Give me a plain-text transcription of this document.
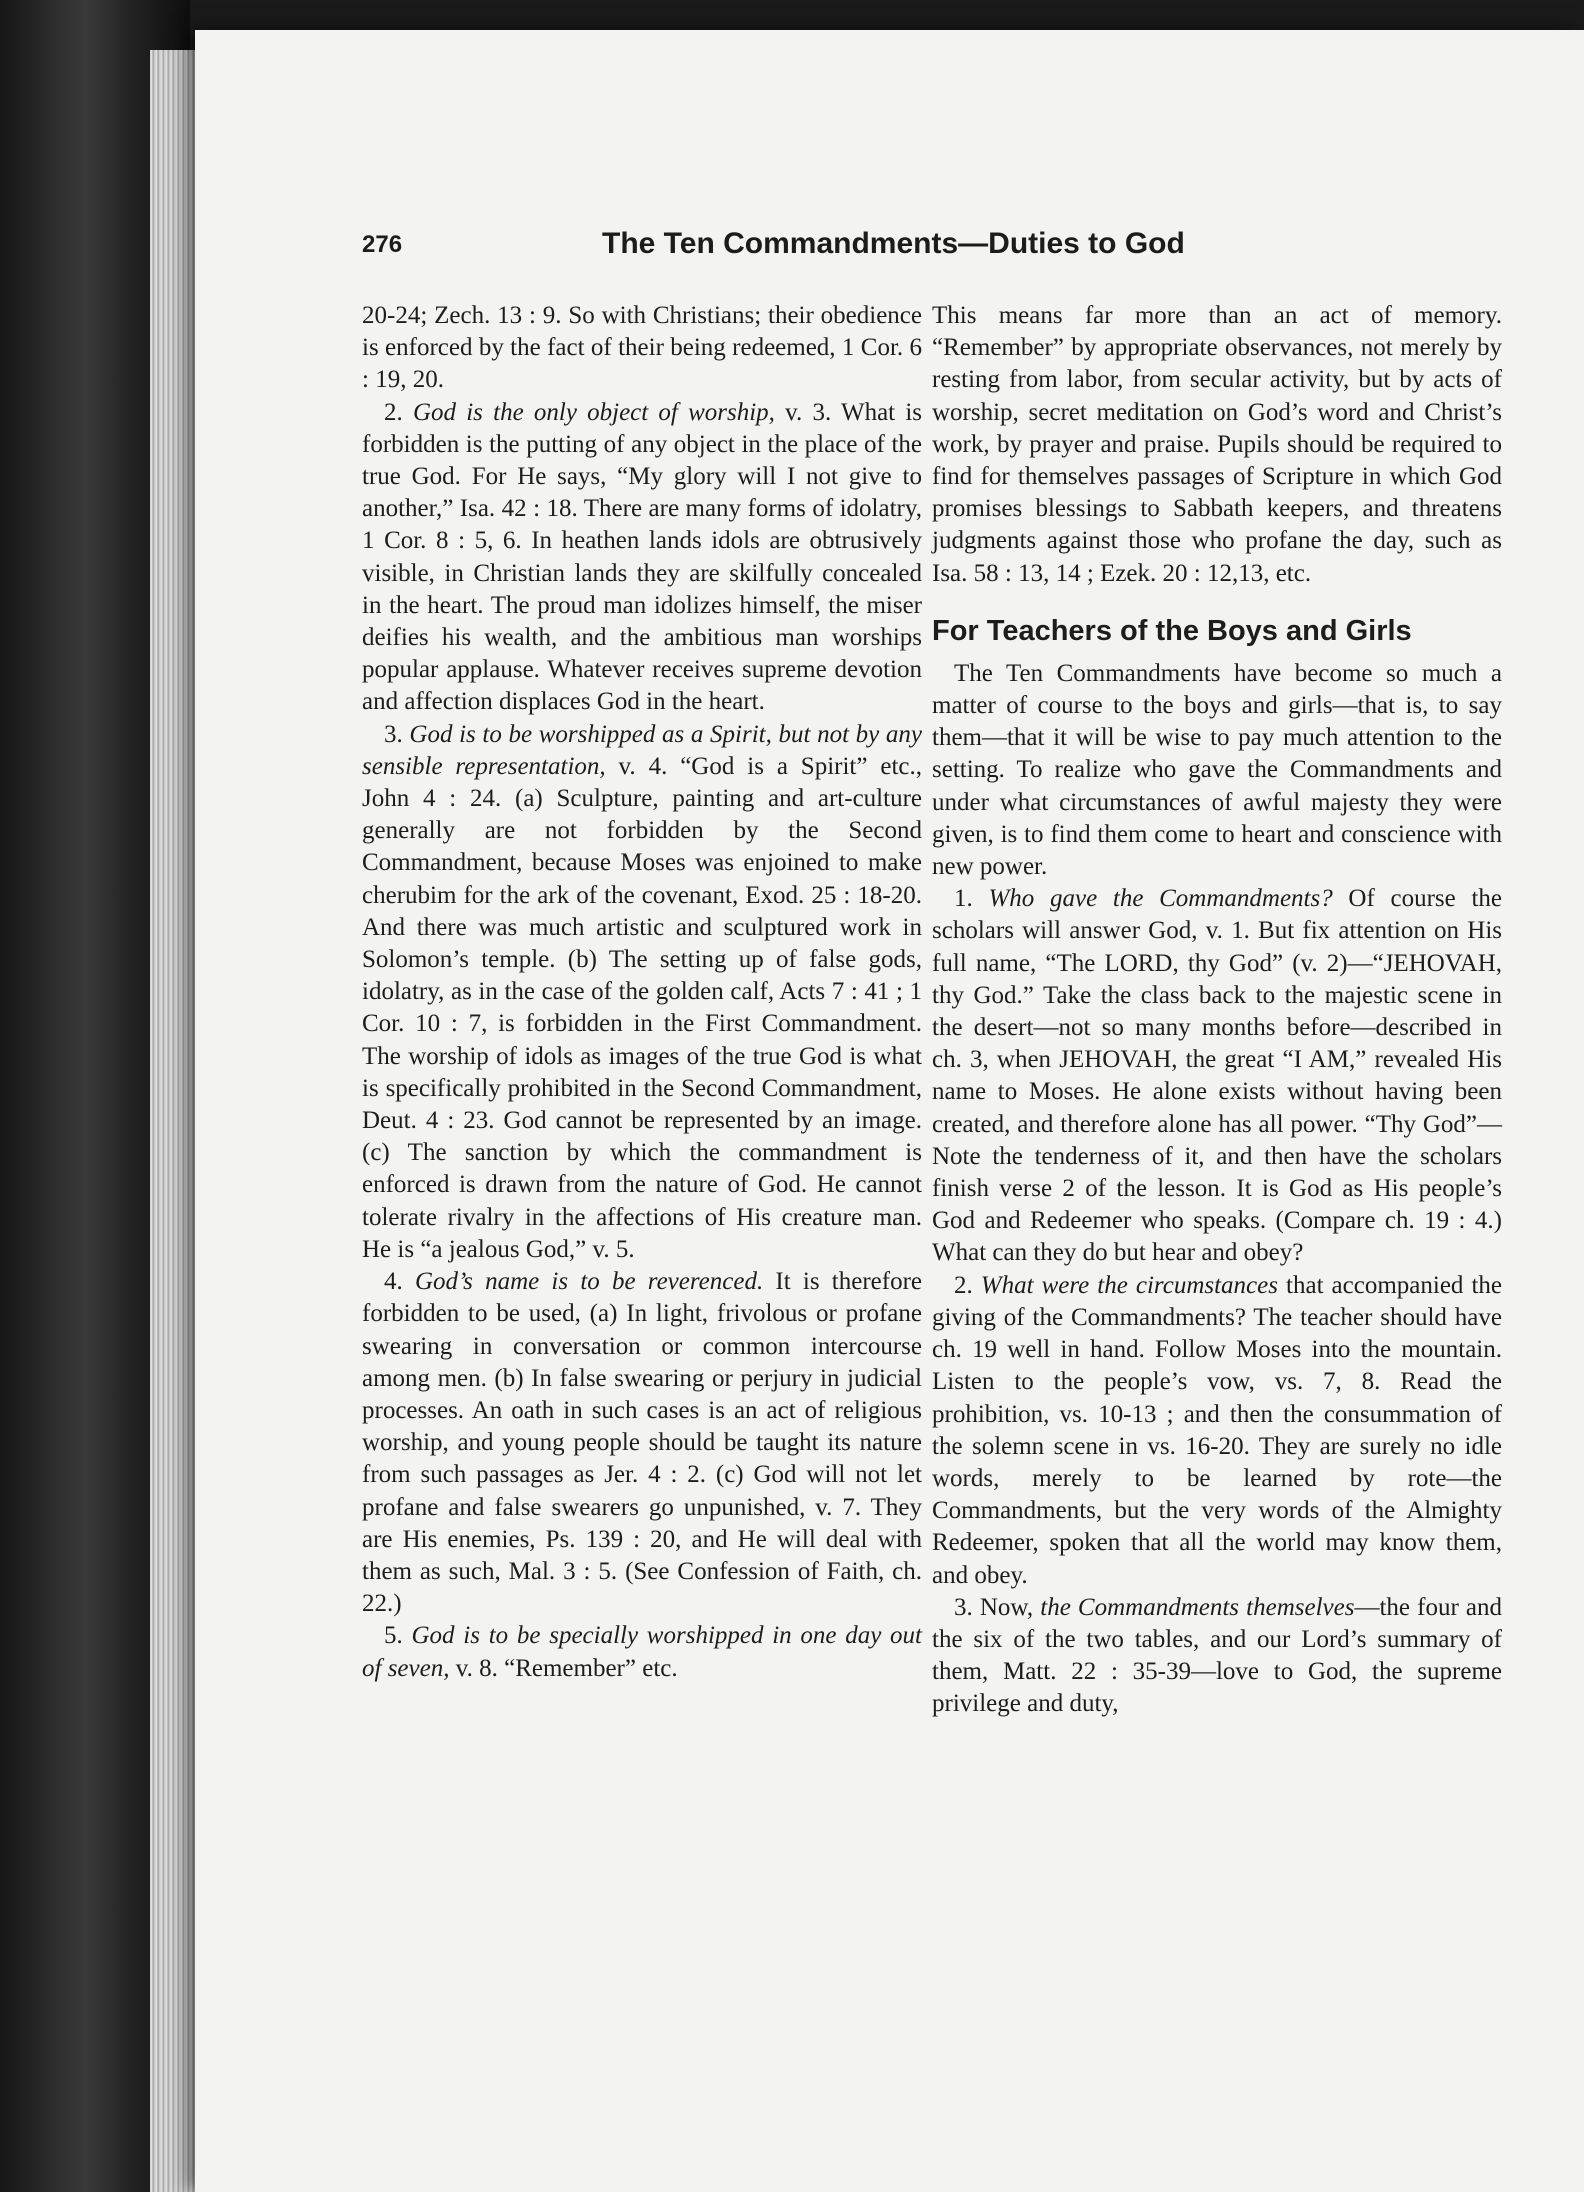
276	The Ten Commandments—Duties to God

20-24; Zech. 13 : 9. So with Christians; their obedience is enforced by the fact of their being redeemed, 1 Cor. 6 : 19, 20.

2. God is the only object of worship, v. 3. What is forbidden is the putting of any object in the place of the true God. For He says, “My glory will I not give to another,” Isa. 42 : 18. There are many forms of idolatry, 1 Cor. 8 : 5, 6. In heathen lands idols are obtrusively visible, in Christian lands they are skilfully concealed in the heart. The proud man idolizes himself, the miser deifies his wealth, and the ambitious man worships popular applause. Whatever receives supreme devotion and affection displaces God in the heart.

3. God is to be worshipped as a Spirit, but not by any sensible representation, v. 4. “God is a Spirit” etc., John 4 : 24. (a) Sculpture, painting and art-culture generally are not forbidden by the Second Commandment, because Moses was enjoined to make cherubim for the ark of the covenant, Exod. 25 : 18-20. And there was much artistic and sculptured work in Solomon’s temple. (b) The setting up of false gods, idolatry, as in the case of the golden calf, Acts 7 : 41 ; 1 Cor. 10 : 7, is forbidden in the First Commandment. The worship of idols as images of the true God is what is specifically prohibited in the Second Commandment, Deut. 4 : 23. God cannot be represented by an image. (c) The sanction by which the commandment is enforced is drawn from the nature of God. He cannot tolerate rivalry in the affections of His creature man. He is “a jealous God,” v. 5.

4. God’s name is to be reverenced. It is therefore forbidden to be used, (a) In light, frivolous or profane swearing in conversation or common intercourse among men. (b) In false swearing or perjury in judicial processes. An oath in such cases is an act of religious worship, and young people should be taught its nature from such passages as Jer. 4 : 2. (c) God will not let profane and false swearers go unpunished, v. 7. They are His enemies, Ps. 139 : 20, and He will deal with them as such, Mal. 3 : 5. (See Confession of Faith, ch. 22.)

5. God is to be specially worshipped in one day out of seven, v. 8. “Remember” etc.

This means far more than an act of memory. “Remember” by appropriate observances, not merely by resting from labor, from secular activity, but by acts of worship, secret meditation on God’s word and Christ’s work, by prayer and praise. Pupils should be required to find for themselves passages of Scripture in which God promises blessings to Sabbath keepers, and threatens judgments against those who profane the day, such as Isa. 58 : 13, 14 ; Ezek. 20 : 12,13, etc.

For Teachers of the Boys and Girls

The Ten Commandments have become so much a matter of course to the boys and girls—that is, to say them—that it will be wise to pay much attention to the setting. To realize who gave the Commandments and under what circumstances of awful majesty they were given, is to find them come to heart and conscience with new power.

1. Who gave the Commandments? Of course the scholars will answer God, v. 1. But fix attention on His full name, “The LORD, thy God” (v. 2)—“JEHOVAH, thy God.” Take the class back to the majestic scene in the desert—not so many months before—described in ch. 3, when JEHOVAH, the great “I AM,” revealed His name to Moses. He alone exists without having been created, and therefore alone has all power. “Thy God”—Note the tenderness of it, and then have the scholars finish verse 2 of the lesson. It is God as His people’s God and Redeemer who speaks. (Compare ch. 19 : 4.) What can they do but hear and obey?

2. What were the circumstances that accompanied the giving of the Commandments? The teacher should have ch. 19 well in hand. Follow Moses into the mountain. Listen to the people’s vow, vs. 7, 8. Read the prohibition, vs. 10-13 ; and then the consummation of the solemn scene in vs. 16-20. They are surely no idle words, merely to be learned by rote—the Commandments, but the very words of the Almighty Redeemer, spoken that all the world may know them, and obey.

3. Now, the Commandments themselves—the four and the six of the two tables, and our Lord’s summary of them, Matt. 22 : 35-39—love to God, the supreme privilege and duty,
